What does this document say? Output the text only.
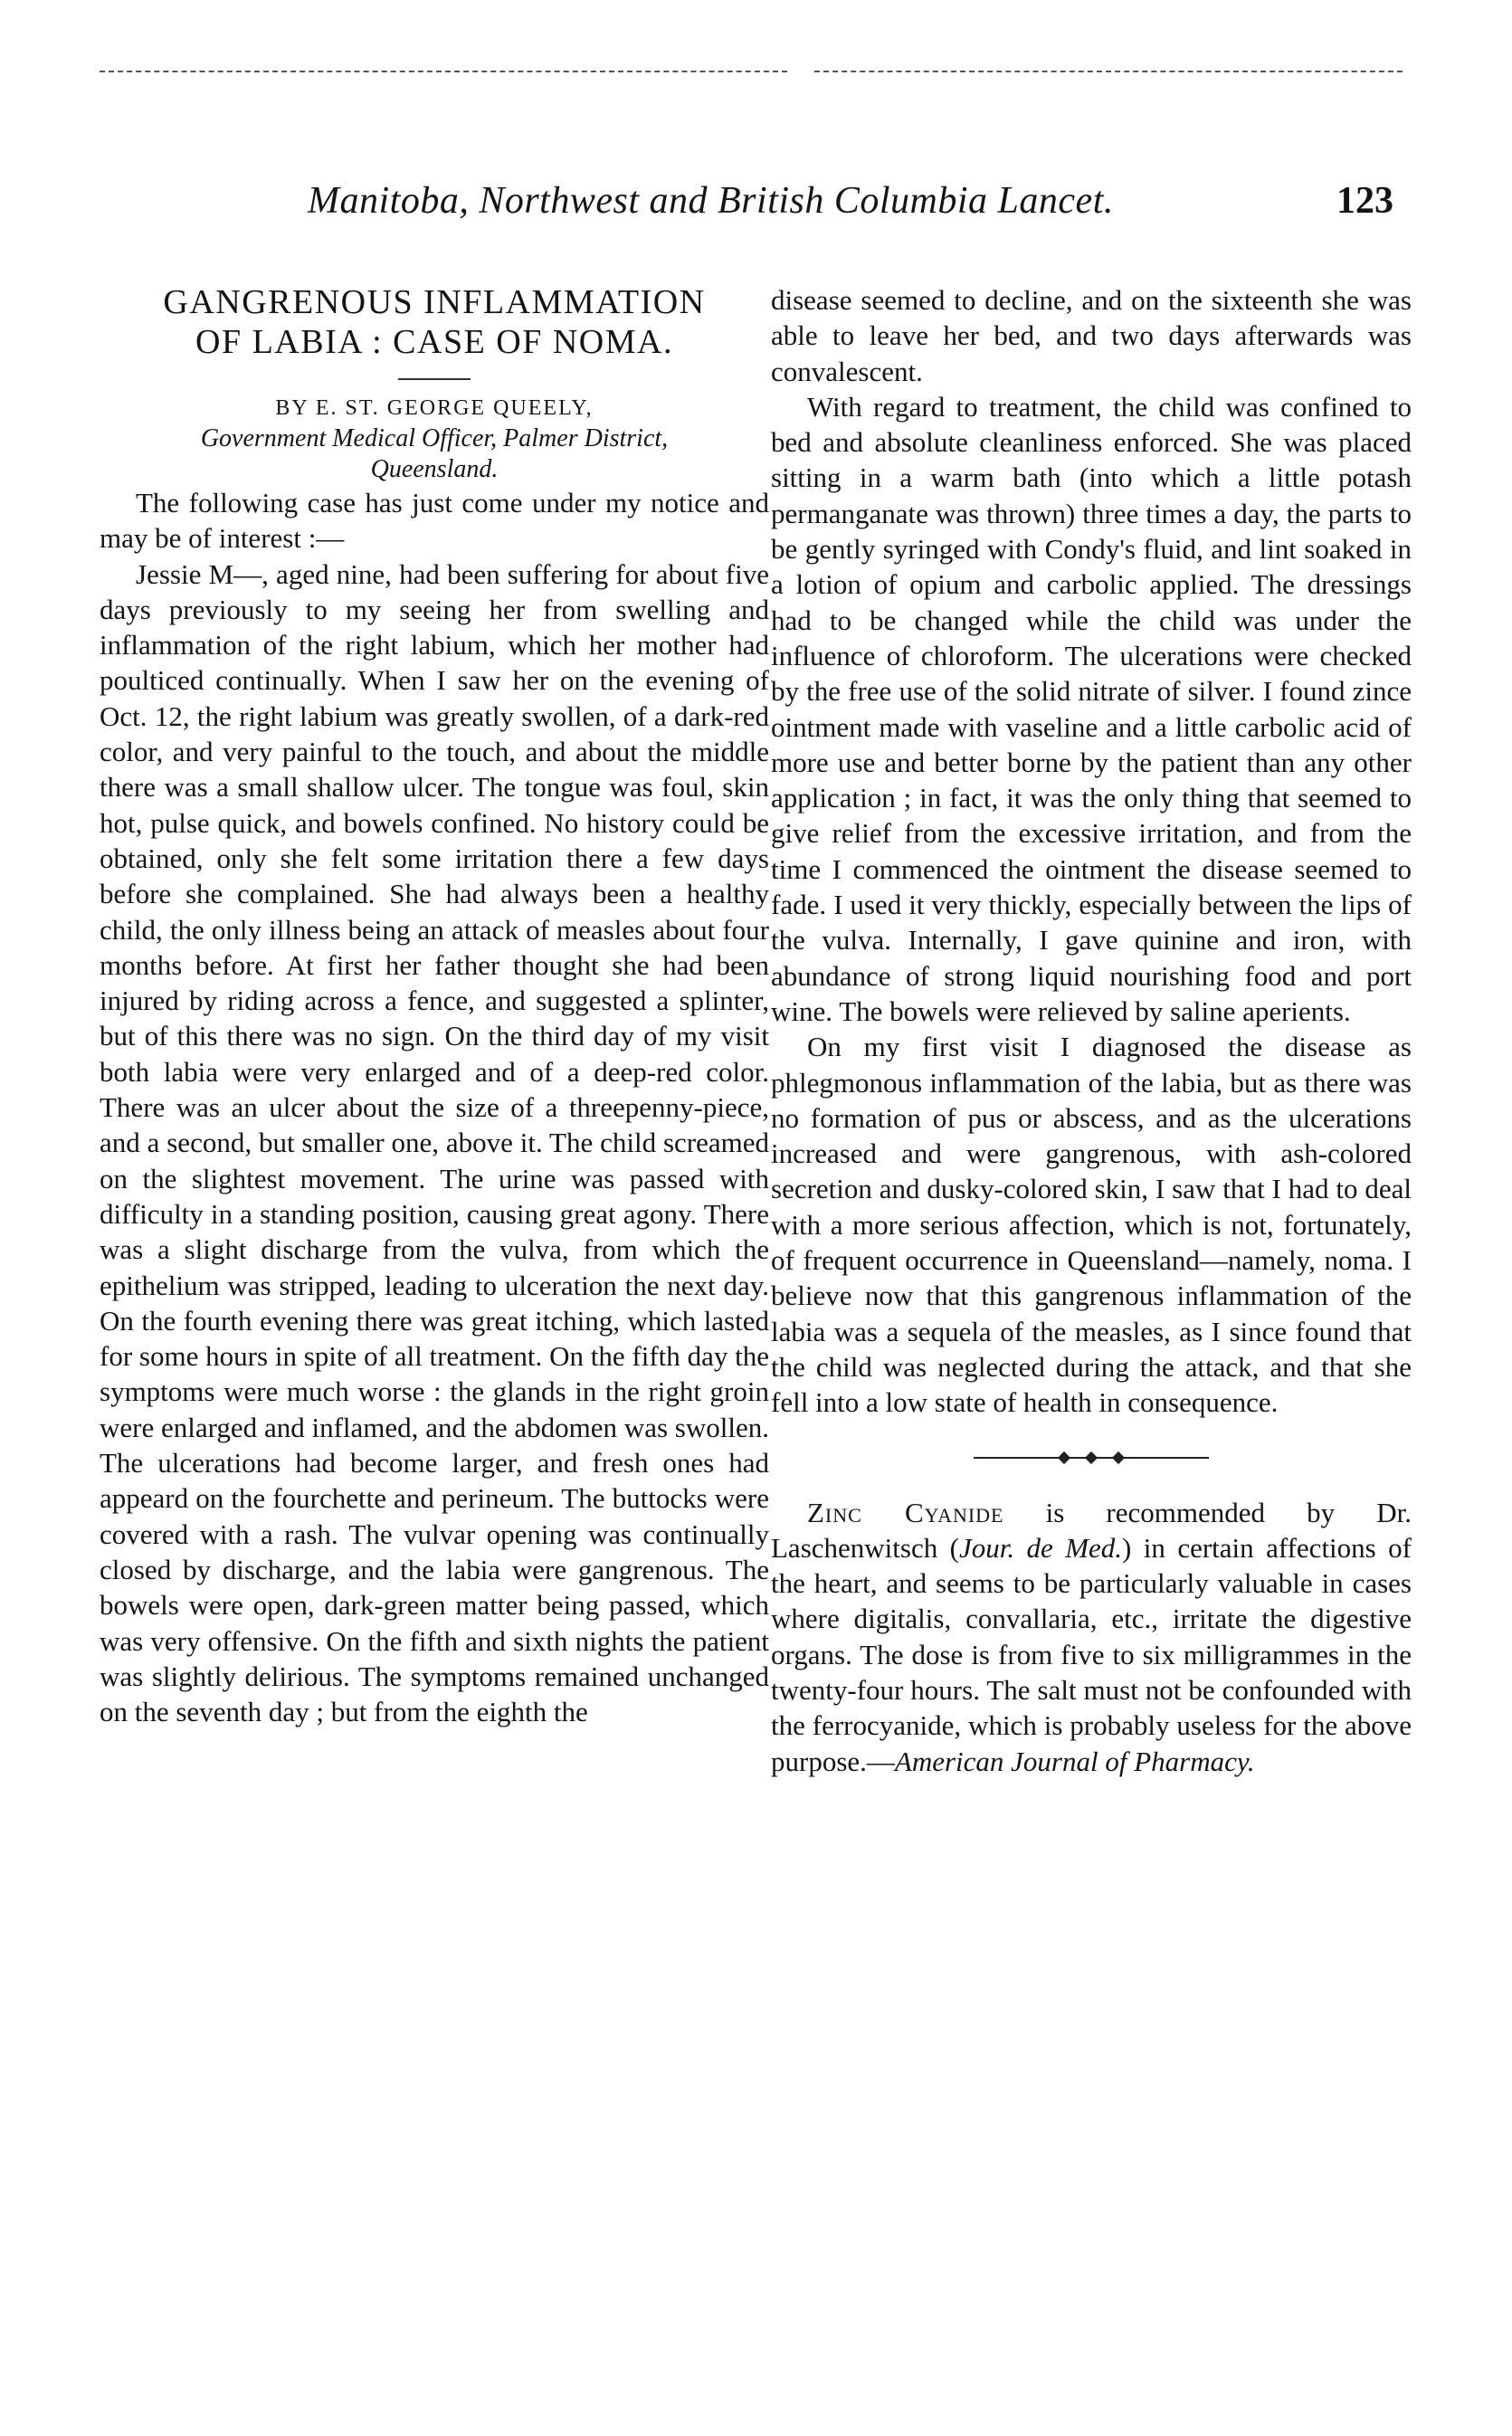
Manitoba, Northwest and British Columbia Lancet.	123

GANGRENOUS INFLAMMATION

OF LABIA : CASE OF NOMA.

BY E. ST. GEORGE QUEELY,

Government Medical Officer, Palmer District,
Queensland.

The following case has just come under my notice and may be of interest :—

Jessie M—, aged nine, had been suffering for about five days previously to my seeing her from swelling and inflammation of the right labium, which her mother had poulticed continually. When I saw her on the evening of Oct. 12, the right labium was greatly swollen, of a dark-red color, and very painful to the touch, and about the middle there was a small shallow ulcer. The tongue was foul, skin hot, pulse quick, and bowels confined. No history could be obtained, only she felt some irritation there a few days before she complained. She had always been a healthy child, the only illness being an attack of measles about four months before. At first her father thought she had been injured by riding across a fence, and suggested a splinter, but of this there was no sign. On the third day of my visit both labia were very enlarged and of a deep-red color. There was an ulcer about the size of a threepenny-piece, and a second, but smaller one, above it. The child screamed on the slightest movement. The urine was passed with difficulty in a standing position, causing great agony. There was a slight discharge from the vulva, from which the epithelium was stripped, leading to ulceration the next day. On the fourth evening there was great itching, which lasted for some hours in spite of all treatment. On the fifth day the symptoms were much worse : the glands in the right groin were enlarged and inflamed, and the abdomen was swollen. The ulcerations had become larger, and fresh ones had appeard on the fourchette and perineum. The buttocks were covered with a rash. The vulvar opening was continually closed by discharge, and the labia were gangrenous. The bowels were open, dark-green matter being passed, which was very offensive. On the fifth and sixth nights the patient was slightly delirious. The symptoms remained unchanged on the seventh day ; but from the eighth the

disease seemed to decline, and on the sixteenth she was able to leave her bed, and two days afterwards was convalescent.

With regard to treatment, the child was confined to bed and absolute cleanliness enforced. She was placed sitting in a warm bath (into which a little potash permanganate was thrown) three times a day, the parts to be gently syringed with Condy's fluid, and lint soaked in a lotion of opium and carbolic applied. The dressings had to be changed while the child was under the influence of chloroform. The ulcerations were checked by the free use of the solid nitrate of silver. I found zince ointment made with vaseline and a little carbolic acid of more use and better borne by the patient than any other application ; in fact, it was the only thing that seemed to give relief from the excessive irritation, and from the time I commenced the ointment the disease seemed to fade. I used it very thickly, especially between the lips of the vulva. Internally, I gave quinine and iron, with abundance of strong liquid nourishing food and port wine. The bowels were relieved by saline aperients.

On my first visit I diagnosed the disease as phlegmonous inflammation of the labia, but as there was no formation of pus or abscess, and as the ulcerations increased and were gangrenous, with ash-colored secretion and dusky-colored skin, I saw that I had to deal with a more serious affection, which is not, fortunately, of frequent occurrence in Queensland—namely, noma. I believe now that this gangrenous inflammation of the labia was a sequela of the measles, as I since found that the child was neglected during the attack, and that she fell into a low state of health in consequence.

Zinc Cyanide is recommended by Dr. Laschenwitsch (Jour. de Med.) in certain affections of the heart, and seems to be particularly valuable in cases where digitalis, convallaria, etc., irritate the digestive organs. The dose is from five to six milligrammes in the twenty-four hours. The salt must not be confounded with the ferrocyanide, which is probably useless for the above purpose.—American Journal of Pharmacy.
